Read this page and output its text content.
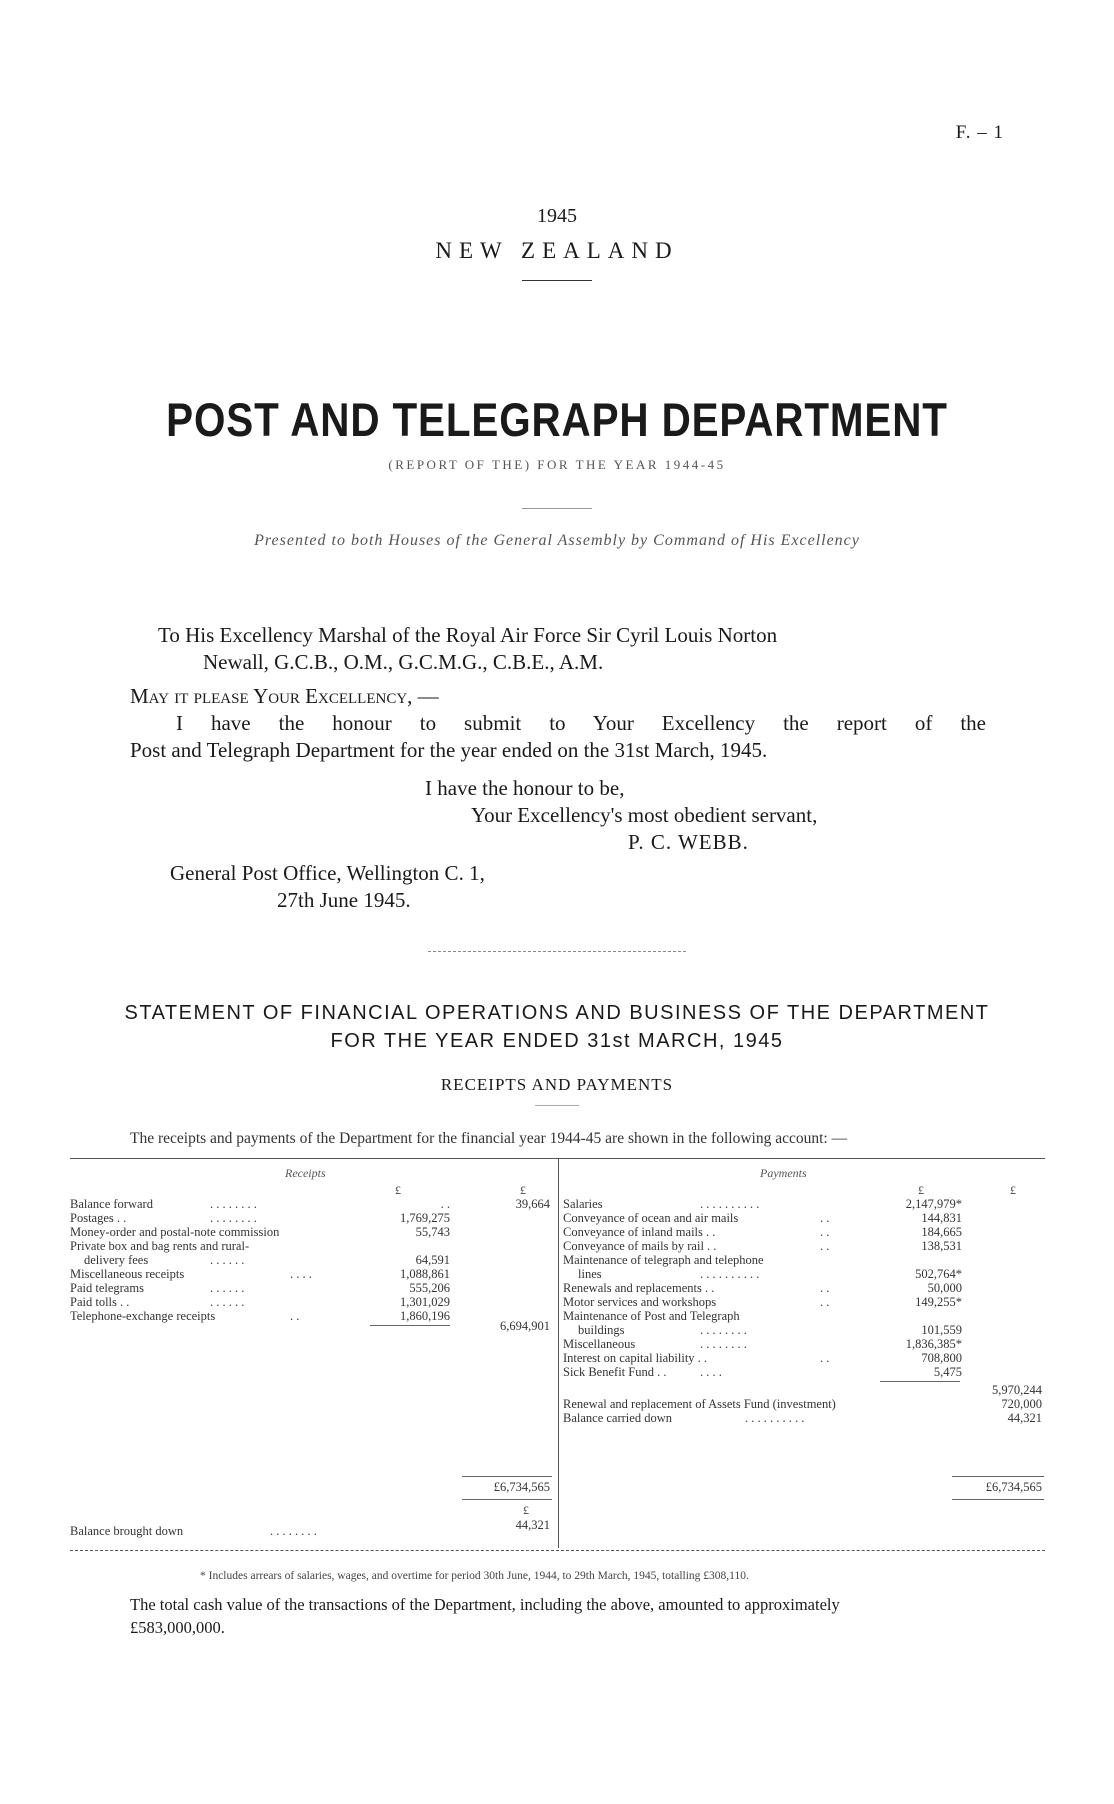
F. – 1
1945
NEW ZEALAND
POST AND TELEGRAPH DEPARTMENT
(REPORT OF THE) FOR THE YEAR 1944-45
Presented to both Houses of the General Assembly by Command of His Excellency
To His Excellency Marshal of the Royal Air Force Sir Cyril Louis Norton
Newall, G.C.B., O.M., G.C.M.G., C.B.E., A.M.
May it please Your Excellency, —
I have the honour to submit to Your Excellency the report of the
Post and Telegraph Department for the year ended on the 31st March, 1945.
I have the honour to be,
Your Excellency's most obedient servant,
P. C. WEBB.
General Post Office, Wellington C. 1,
27th June 1945.
STATEMENT OF FINANCIAL OPERATIONS AND BUSINESS OF THE DEPARTMENT
FOR THE YEAR ENDED 31st MARCH, 1945
RECEIPTS AND PAYMENTS
The receipts and payments of the Department for the financial year 1944-45 are shown in the following account: —
Receipts
£	£
Balance forward	. . . . . . . .	. .	39,664
Postages . .	. . . . . . . .	1,769,275
Money-order and postal-note commission	55,743
Private box and bag rents and rural-
delivery fees	. . . . . .	64,591
Miscellaneous receipts	. . . .	1,088,861
Paid telegrams	. . . . . .	555,206
Paid tolls . .	. . . . . .	1,301,029
Telephone-exchange receipts	. .	1,860,196
6,694,901
£6,734,565
£
Balance brought down	. . . . . . . .	44,321
Payments
£	£
Salaries	. . . . . . . . . .	2,147,979*
Conveyance of ocean and air mails	. .	144,831
Conveyance of inland mails . .	. .	184,665
Conveyance of mails by rail . .	. .	138,531
Maintenance of telegraph and telephone
lines	. . . . . . . . . .	502,764*
Renewals and replacements . .	. .	50,000
Motor services and workshops	. .	149,255*
Maintenance of Post and Telegraph
buildings	. . . . . . . .	101,559
Miscellaneous	. . . . . . . .	1,836,385*
Interest on capital liability . .	. .	708,800
Sick Benefit Fund . .	. . . .	5,475
5,970,244
Renewal and replacement of Assets Fund (investment)	720,000
Balance carried down	. . . . . . . . . .	44,321
£6,734,565
* Includes arrears of salaries, wages, and overtime for period 30th June, 1944, to 29th March, 1945, totalling £308,110.
The total cash value of the transactions of the Department, including the above, amounted to approximately
£583,000,000.
